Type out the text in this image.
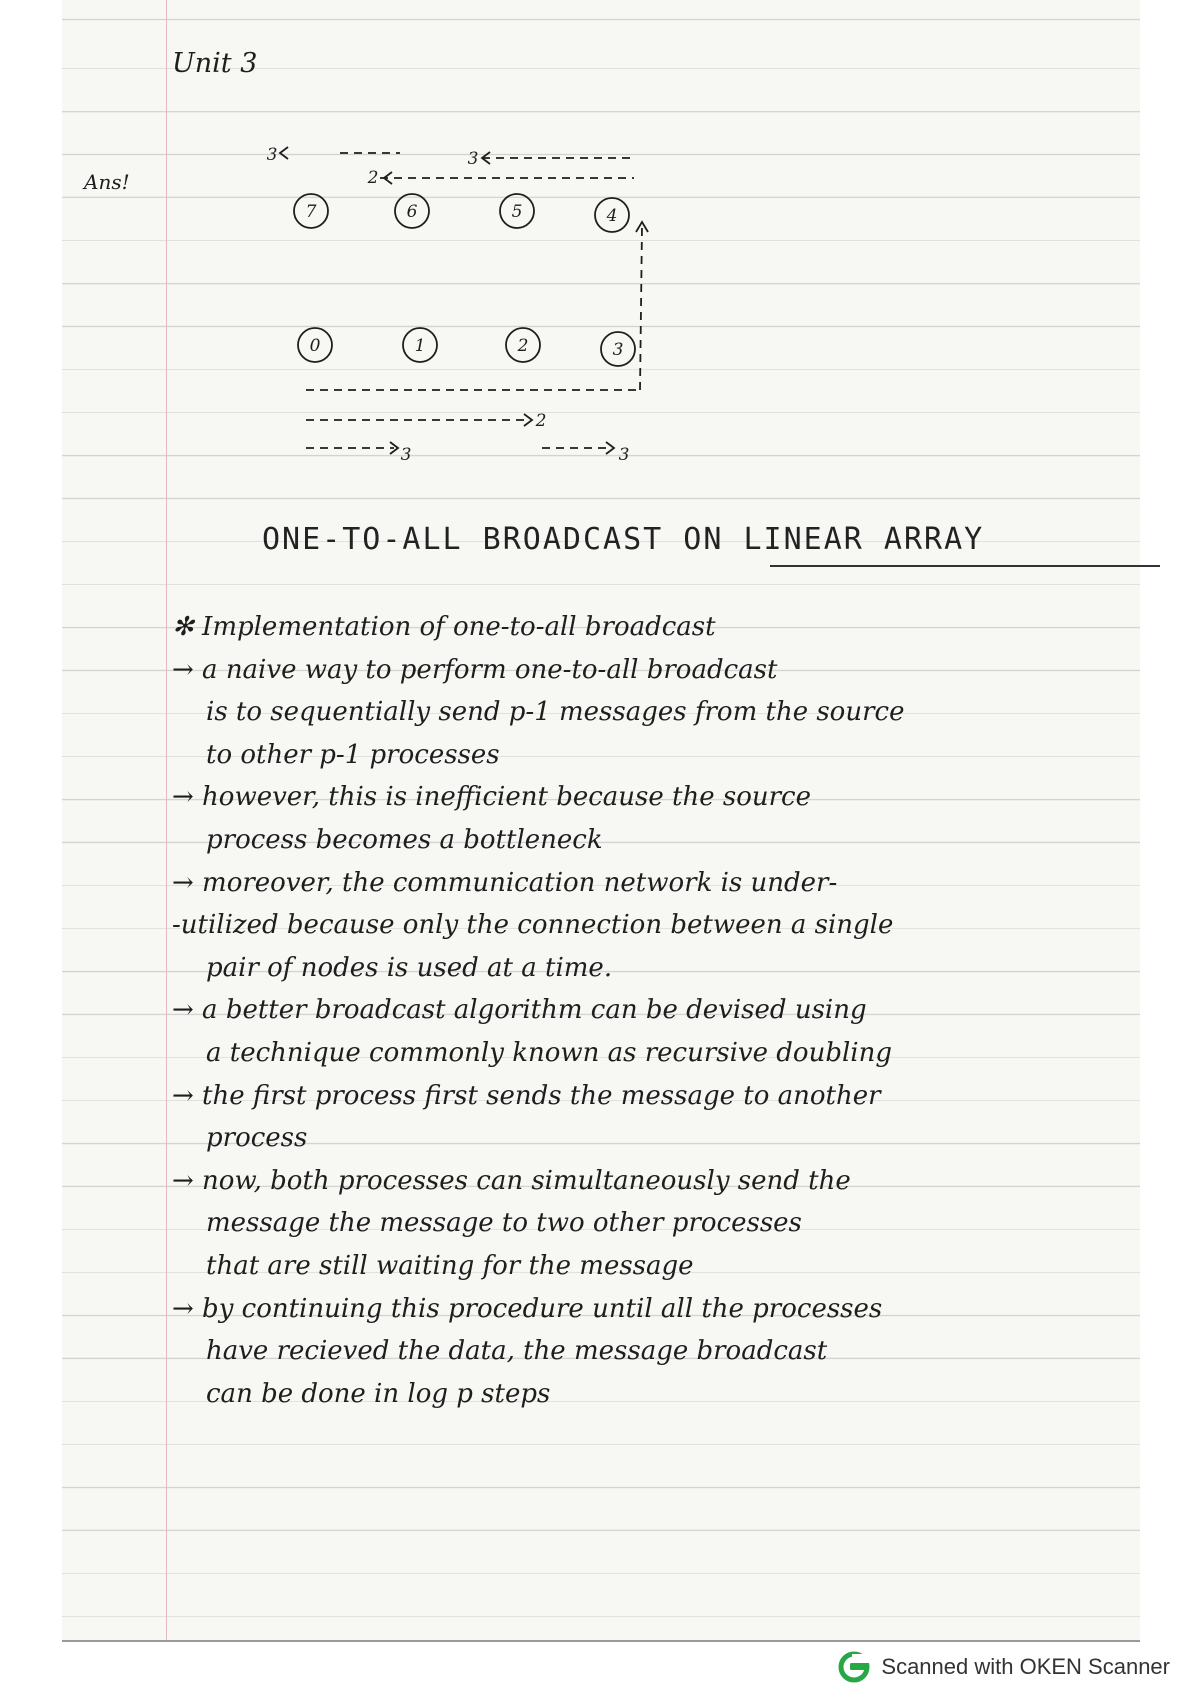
Unit 3
Ans!
3
2
3
2
3	3
7	6	5	4
0	1	2	3
ONE-TO-ALL BROADCAST ON LINEAR ARRAY
✻ Implementation of one-to-all broadcast
→ a naive way to perform one-to-all broadcast
is to sequentially send p-1 messages from the source
to other p-1 processes
→ however, this is inefficient because the source
process becomes a bottleneck
→ moreover, the communication network is under-
-utilized because only the connection between a single
pair of nodes is used at a time.
→ a better broadcast algorithm can be devised using
a technique commonly known as recursive doubling
→ the first process first sends the message to another
process
→ now, both processes can simultaneously send the
message the message to two other processes
that are still waiting for the message
→ by continuing this procedure until all the processes
have recieved the data, the message broadcast
can be done in log p steps
Scanned with OKEN Scanner
